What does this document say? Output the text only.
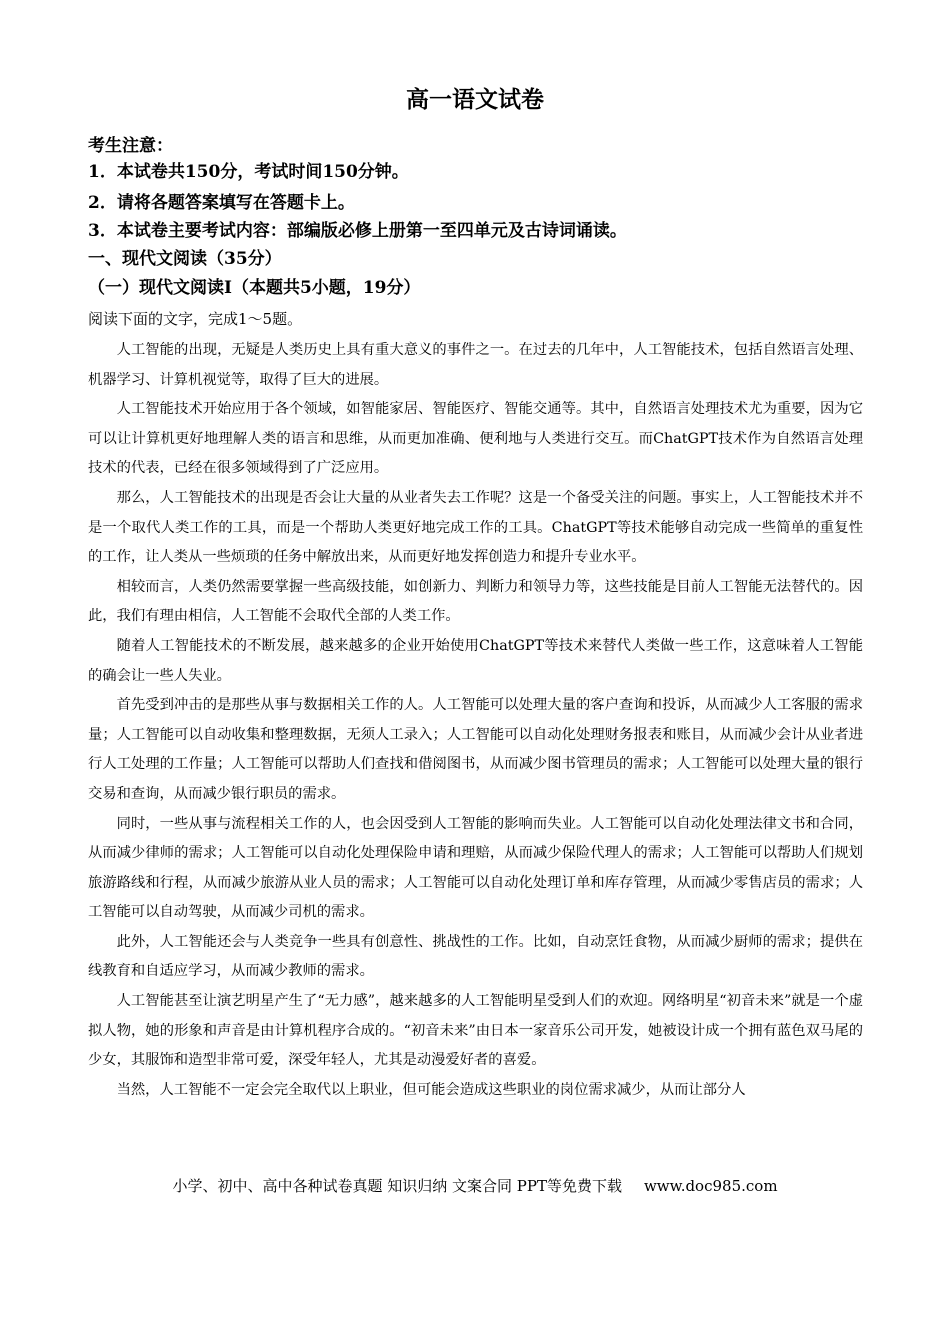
高一语文试卷
考生注意：
1．本试卷共150分，考试时间150分钟。
2．请将各题答案填写在答题卡上。
3．本试卷主要考试内容：部编版必修上册第一至四单元及古诗词诵读。
一、现代文阅读（35分）
（一）现代文阅读Ⅰ（本题共5小题，19分）
阅读下面的文字，完成1～5题。

人工智能的出现，无疑是人类历史上具有重大意义的事件之一。在过去的几年中，人工智能技术，包括自然语言处理、机器学习、计算机视觉等，取得了巨大的进展。

人工智能技术开始应用于各个领域，如智能家居、智能医疗、智能交通等。其中，自然语言处理技术尤为重要，因为它可以让计算机更好地理解人类的语言和思维，从而更加准确、便利地与人类进行交互。而ChatGPT技术作为自然语言处理技术的代表，已经在很多领域得到了广泛应用。

那么，人工智能技术的出现是否会让大量的从业者失去工作呢？这是一个备受关注的问题。事实上，人工智能技术并不是一个取代人类工作的工具，而是一个帮助人类更好地完成工作的工具。ChatGPT等技术能够自动完成一些简单的重复性的工作，让人类从一些烦琐的任务中解放出来，从而更好地发挥创造力和提升专业水平。

相较而言，人类仍然需要掌握一些高级技能，如创新力、判断力和领导力等，这些技能是目前人工智能无法替代的。因此，我们有理由相信，人工智能不会取代全部的人类工作。

随着人工智能技术的不断发展，越来越多的企业开始使用ChatGPT等技术来替代人类做一些工作，这意味着人工智能的确会让一些人失业。

首先受到冲击的是那些从事与数据相关工作的人。人工智能可以处理大量的客户查询和投诉，从而减少人工客服的需求量；人工智能可以自动收集和整理数据，无须人工录入；人工智能可以自动化处理财务报表和账目，从而减少会计从业者进行人工处理的工作量；人工智能可以帮助人们查找和借阅图书，从而减少图书管理员的需求；人工智能可以处理大量的银行交易和查询，从而减少银行职员的需求。

同时，一些从事与流程相关工作的人，也会因受到人工智能的影响而失业。人工智能可以自动化处理法律文书和合同，从而减少律师的需求；人工智能可以自动化处理保险申请和理赔，从而减少保险代理人的需求；人工智能可以帮助人们规划旅游路线和行程，从而减少旅游从业人员的需求；人工智能可以自动化处理订单和库存管理，从而减少零售店员的需求；人工智能可以自动驾驶，从而减少司机的需求。

此外，人工智能还会与人类竞争一些具有创意性、挑战性的工作。比如，自动烹饪食物，从而减少厨师的需求；提供在线教育和自适应学习，从而减少教师的需求。

人工智能甚至让演艺明星产生了“无力感”，越来越多的人工智能明星受到人们的欢迎。网络明星“初音未来”就是一个虚拟人物，她的形象和声音是由计算机程序合成的。“初音未来”由日本一家音乐公司开发，她被设计成一个拥有蓝色双马尾的少女，其服饰和造型非常可爱，深受年轻人，尤其是动漫爱好者的喜爱。

当然，人工智能不一定会完全取代以上职业，但可能会造成这些职业的岗位需求减少，从而让部分人

小学、初中、高中各种试卷真题 知识归纳 文案合同 PPT等免费下载 www.doc985.com
